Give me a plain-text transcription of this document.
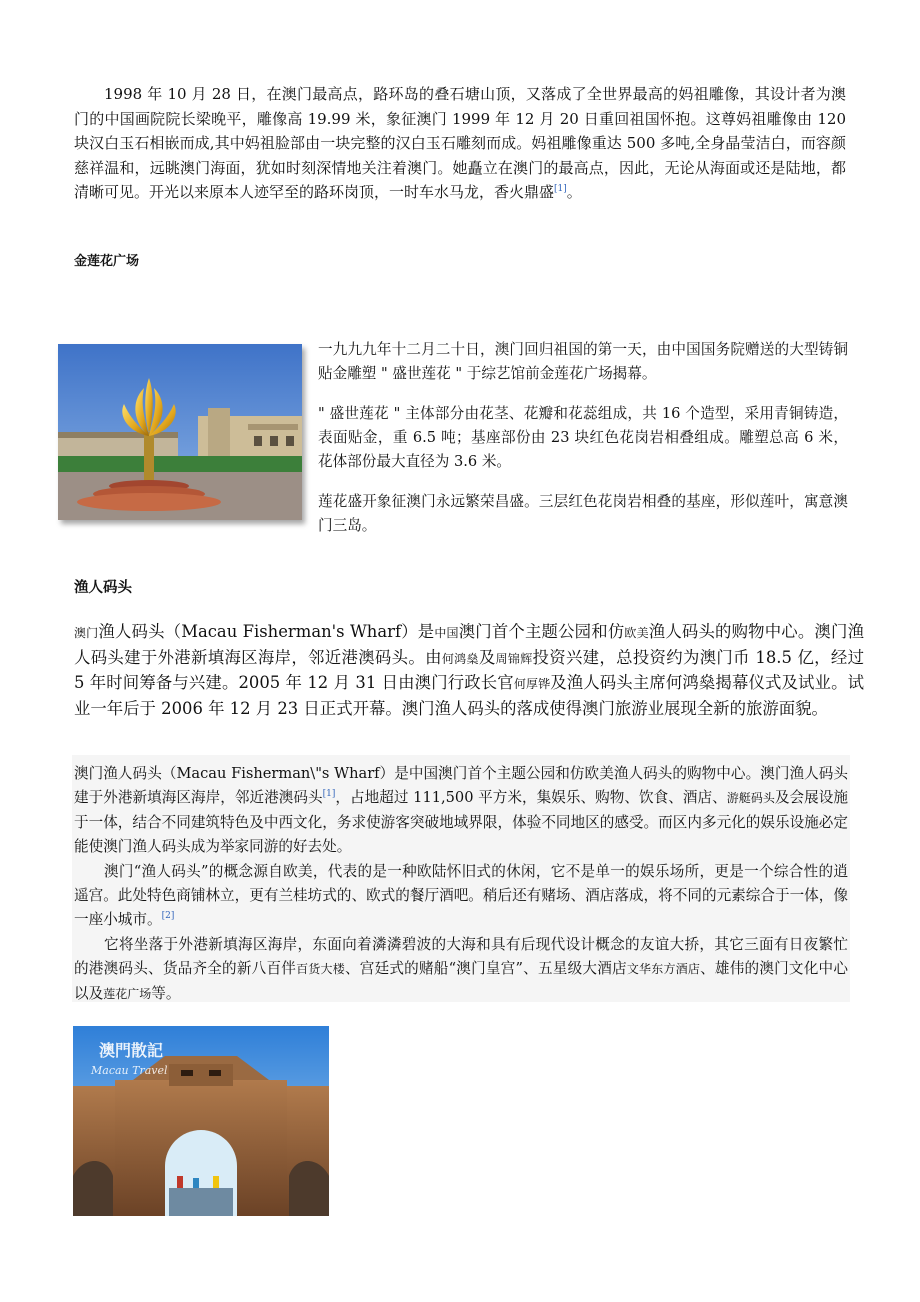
1998 年 10 月 28 日，在澳门最高点，路环岛的叠石塘山顶，又落成了全世界最高的妈祖雕像，其设计者为澳门的中国画院院长梁晚平，雕像高 19.99 米，象征澳门 1999 年 12 月 20 日重回祖国怀抱。这尊妈祖雕像由 120 块汉白玉石相嵌而成,其中妈祖脸部由一块完整的汉白玉石雕刻而成。妈祖雕像重达 500 多吨,全身晶莹洁白，而容颜慈祥温和，远眺澳门海面，犹如时刻深情地关注着澳门。她矗立在澳门的最高点，因此，无论从海面或还是陆地，都清晰可见。开光以来原本人迹罕至的路环岗顶，一时车水马龙，香火鼎盛[1]。

金莲花广场

一九九九年十二月二十日，澳门回归祖国的第一天，由中国国务院赠送的大型铸铜贴金雕塑 " 盛世莲花 " 于综艺馆前金莲花广场揭幕。

" 盛世莲花 " 主体部分由花茎、花瓣和花蕊组成，共 16 个造型，采用青铜铸造，表面贴金，重 6.5 吨；基座部份由 23 块红色花岗岩相叠组成。雕塑总高 6 米，花体部份最大直径为 3.6 米。

莲花盛开象征澳门永远繁荣昌盛。三层红色花岗岩相叠的基座，形似莲叶，寓意澳门三岛。

渔人码头

澳门渔人码头（Macau Fisherman's Wharf）是中国澳门首个主题公园和仿欧美渔人码头的购物中心。澳门渔人码头建于外港新填海区海岸，邻近港澳码头。由何鸿燊及周锦辉投资兴建，总投资约为澳门币 18.5 亿，经过 5 年时间筹备与兴建。2005 年 12 月 31 日由澳门行政长官何厚铧及渔人码头主席何鸿燊揭幕仪式及试业。试业一年后于 2006 年 12 月 23 日正式开幕。澳门渔人码头的落成使得澳门旅游业展现全新的旅游面貌。

澳门渔人码头（Macau Fisherman\"s Wharf）是中国澳门首个主题公园和仿欧美渔人码头的购物中心。澳门渔人码头建于外港新填海区海岸，邻近港澳码头[1]，占地超过 111,500 平方米，集娱乐、购物、饮食、酒店、游艇码头及会展设施于一体，结合不同建筑特色及中西文化，务求使游客突破地域界限，体验不同地区的感受。而区内多元化的娱乐设施必定能使澳门渔人码头成为举家同游的好去处。

澳门“渔人码头”的概念源自欧美，代表的是一种欧陆怀旧式的休闲，它不是单一的娱乐场所，更是一个综合性的逍遥宫。此处特色商铺林立，更有兰桂坊式的、欧式的餐厅酒吧。稍后还有赌场、酒店落成，将不同的元素综合于一体，像一座小城市。[2]

它将坐落于外港新填海区海岸，东面向着潾潾碧波的大海和具有后现代设计概念的友谊大挢，其它三面有日夜繁忙的港澳码头、货品齐全的新八百伴百货大楼、宫廷式的赌船“澳门皇宫”、五星级大酒店文华东方酒店、雄伟的澳门文化中心以及莲花广场等。

澳門散記
Macau Travel
